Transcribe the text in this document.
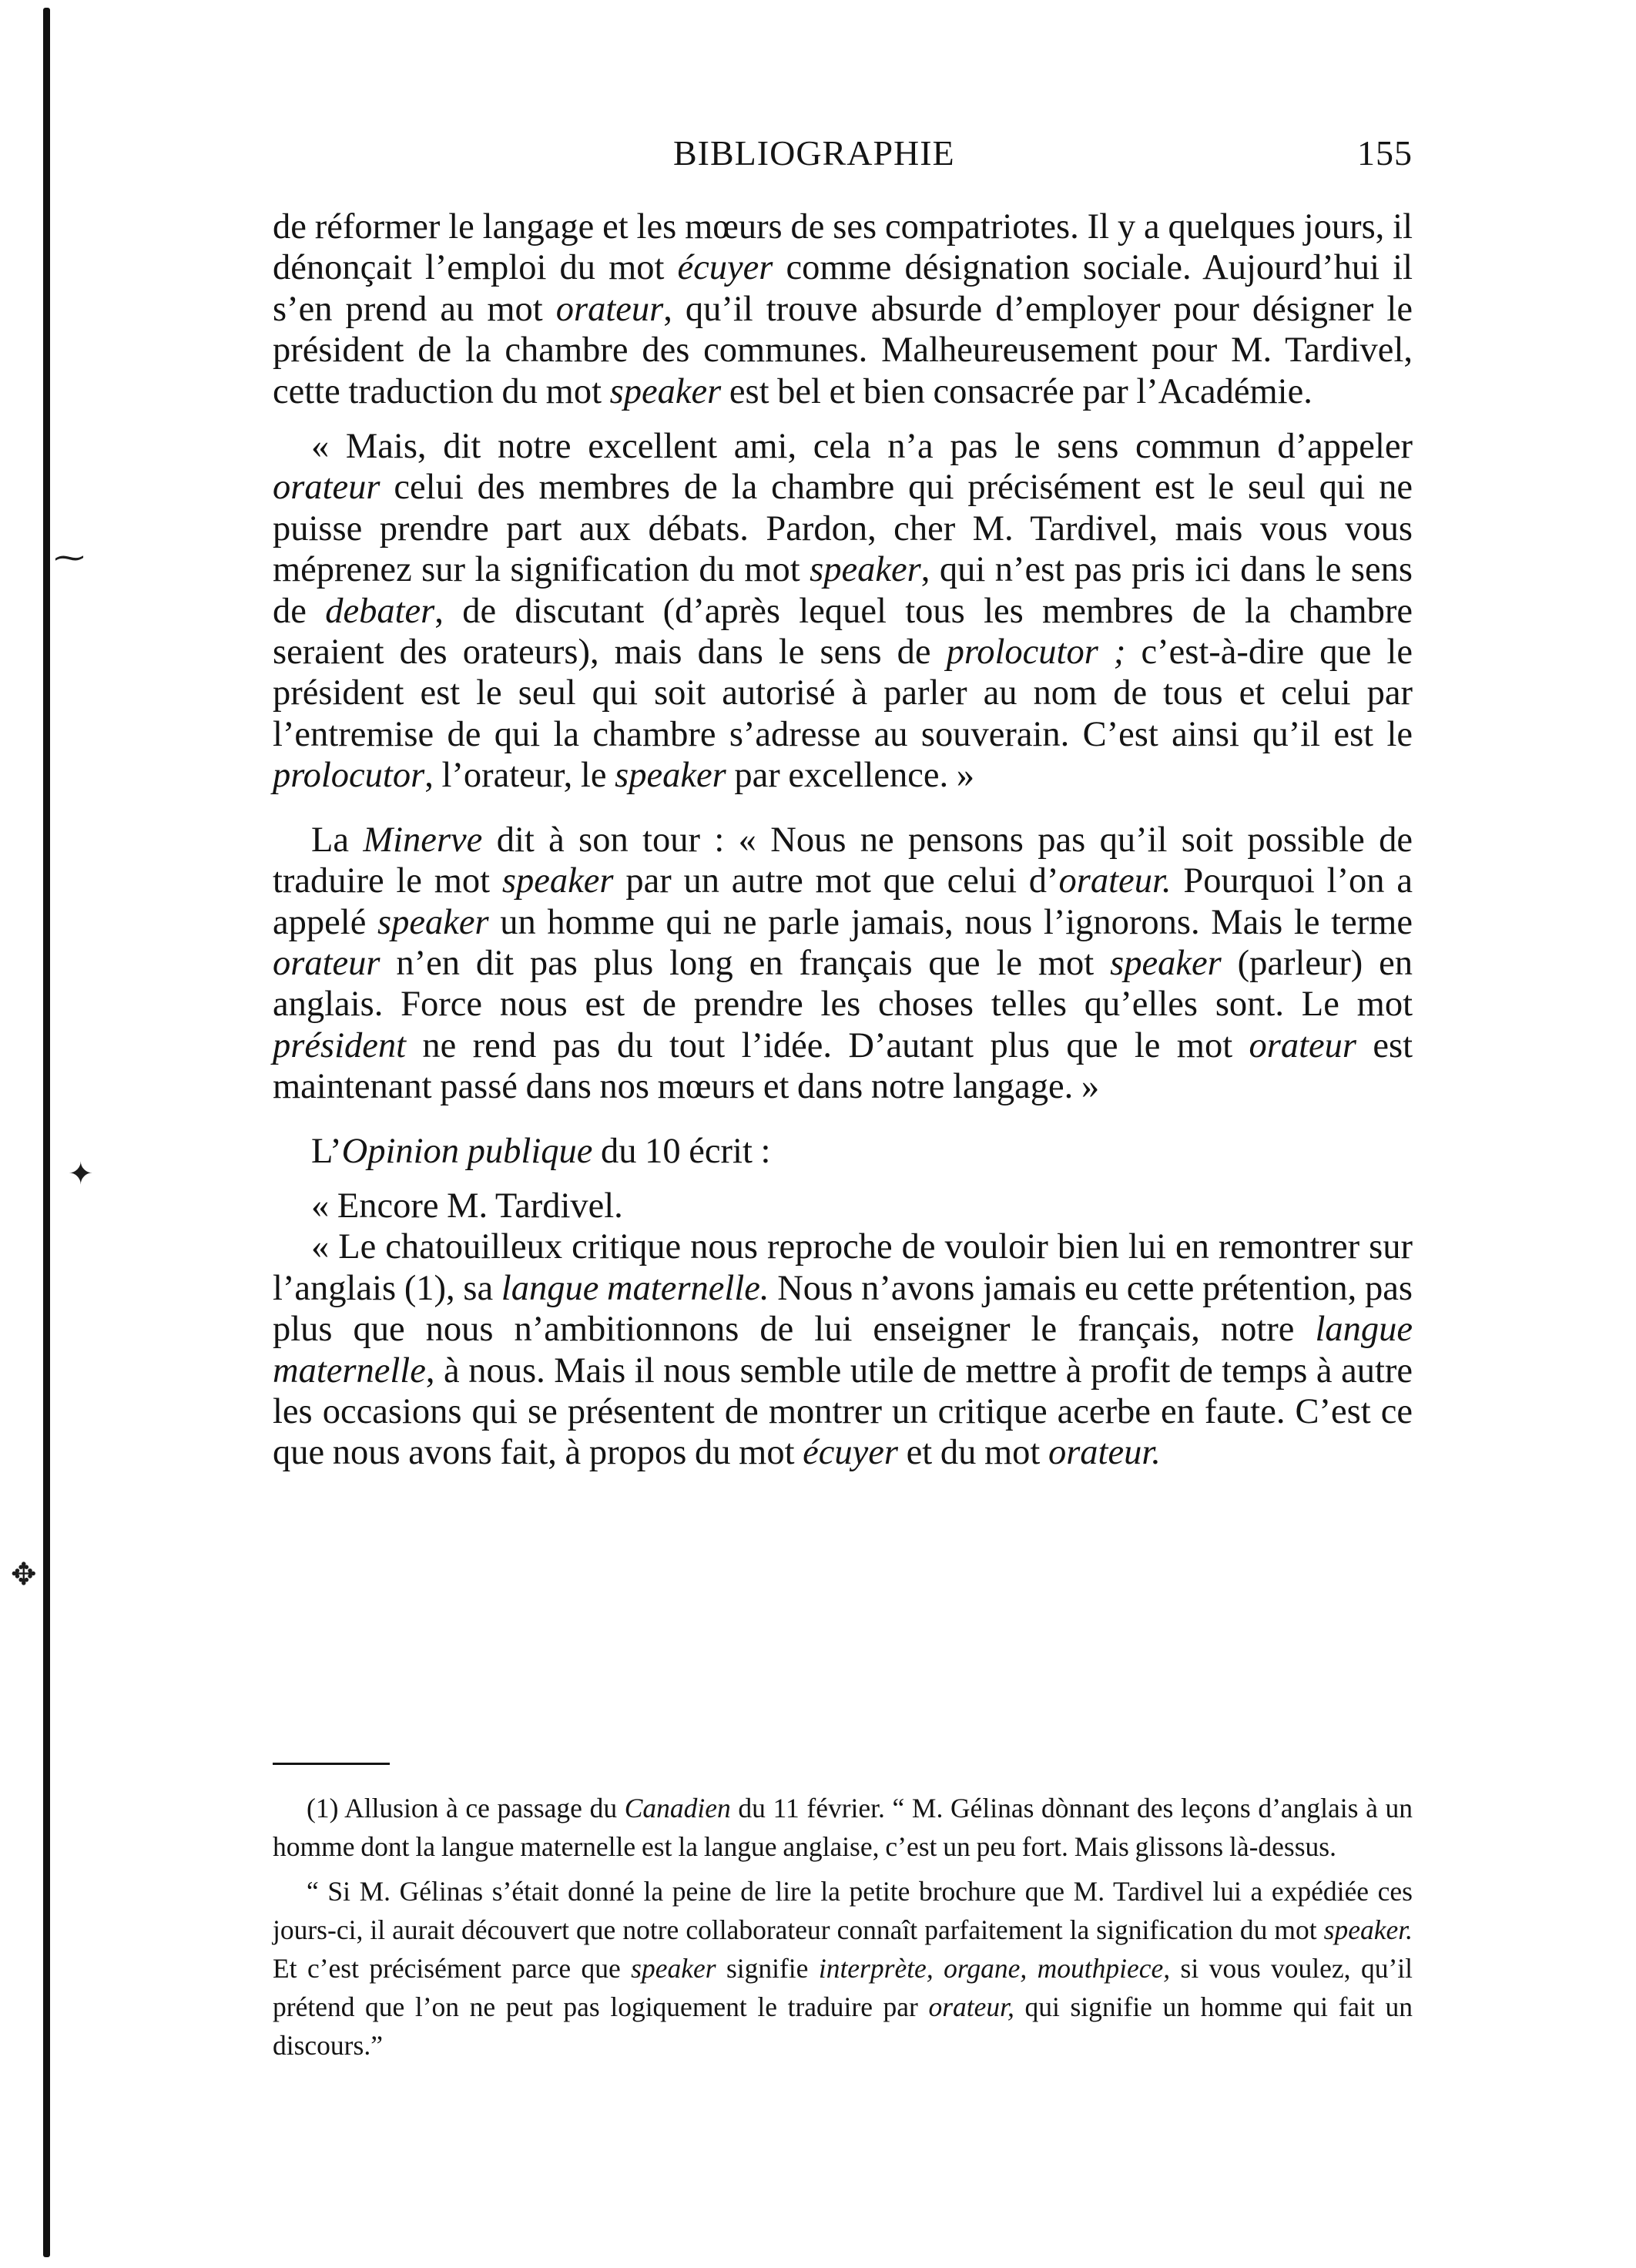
⁓
✦
✥
BIBLIOGRAPHIE	155

de réformer le langage et les mœurs de ses compatriotes. Il y a quelques jours, il dénonçait l’emploi du mot écuyer comme désignation sociale. Aujourd’hui il s’en prend au mot orateur, qu’il trouve absurde d’employer pour désigner le président de la chambre des communes. Malheureusement pour M. Tardivel, cette traduction du mot speaker est bel et bien consacrée par l’Académie.

« Mais, dit notre excellent ami, cela n’a pas le sens commun d’appeler orateur celui des membres de la chambre qui précisément est le seul qui ne puisse prendre part aux débats. Pardon, cher M. Tardivel, mais vous vous méprenez sur la signification du mot speaker, qui n’est pas pris ici dans le sens de debater, de discutant (d’après lequel tous les membres de la chambre seraient des orateurs), mais dans le sens de prolocutor ; c’est-à-dire que le président est le seul qui soit autorisé à parler au nom de tous et celui par l’entremise de qui la chambre s’adresse au souverain. C’est ainsi qu’il est le prolocutor, l’orateur, le speaker par excellence. »

La Minerve dit à son tour : « Nous ne pensons pas qu’il soit possible de traduire le mot speaker par un autre mot que celui d’orateur. Pourquoi l’on a appelé speaker un homme qui ne parle jamais, nous l’ignorons. Mais le terme orateur n’en dit pas plus long en français que le mot speaker (parleur) en anglais. Force nous est de prendre les choses telles qu’elles sont. Le mot président ne rend pas du tout l’idée. D’autant plus que le mot orateur est maintenant passé dans nos mœurs et dans notre langage. »

L’Opinion publique du 10 écrit :

« Encore M. Tardivel.

« Le chatouilleux critique nous reproche de vouloir bien lui en remontrer sur l’anglais (1), sa langue maternelle. Nous n’avons jamais eu cette prétention, pas plus que nous n’ambitionnons de lui enseigner le français, notre langue maternelle, à nous. Mais il nous semble utile de mettre à profit de temps à autre les occasions qui se présentent de montrer un critique acerbe en faute. C’est ce que nous avons fait, à propos du mot écuyer et du mot orateur.

(1) Allusion à ce passage du Canadien du 11 février. “ M. Gélinas dònnant des leçons d’anglais à un homme dont la langue maternelle est la langue anglaise, c’est un peu fort. Mais glissons là-dessus.

“ Si M. Gélinas s’était donné la peine de lire la petite brochure que M. Tardivel lui a expédiée ces jours-ci, il aurait découvert que notre collaborateur connaît parfaitement la signification du mot speaker. Et c’est précisément parce que speaker signifie interprète, organe, mouthpiece, si vous voulez, qu’il prétend que l’on ne peut pas logiquement le traduire par orateur, qui signifie un homme qui fait un discours.”
